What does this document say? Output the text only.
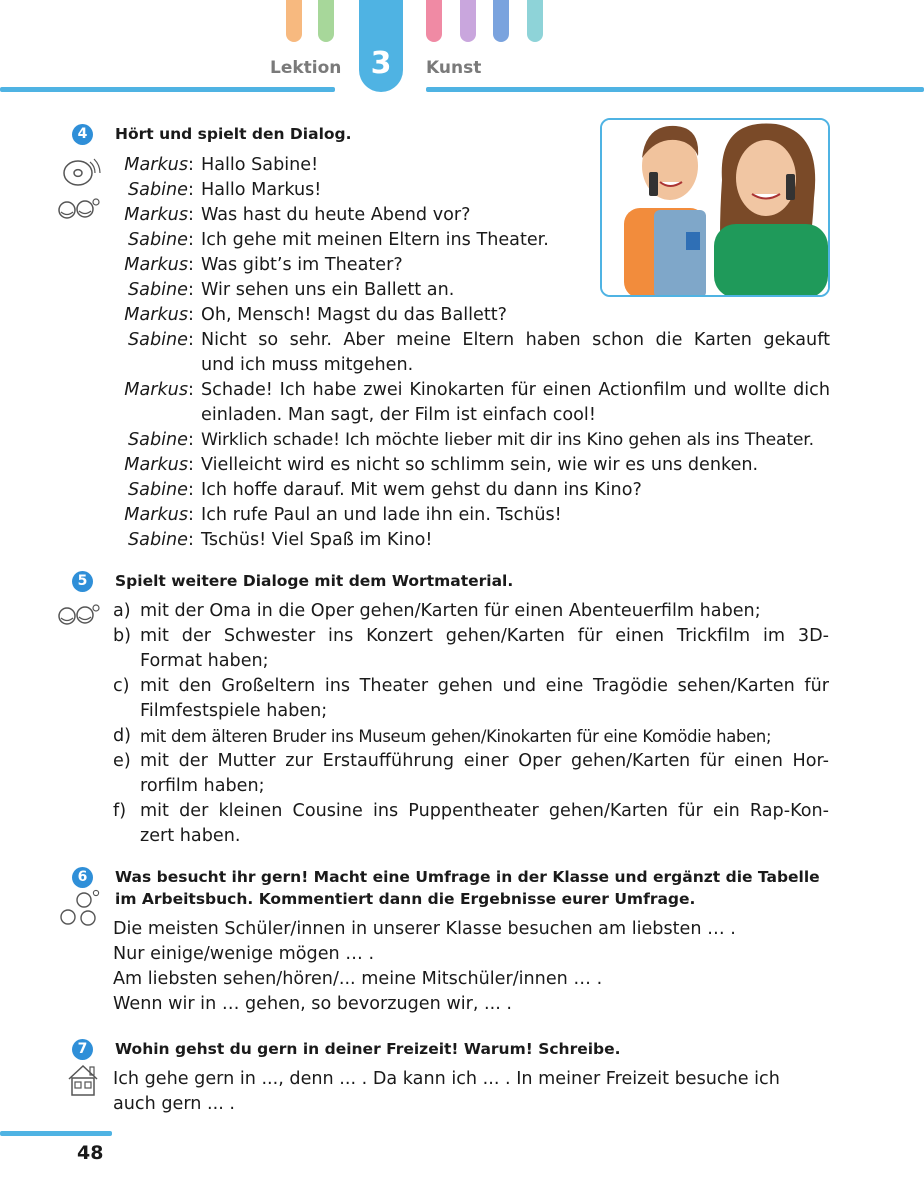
3
Lektion	Kunst
4	Hört und spielt den Dialog.
Markus : Hallo Sabine!
Sabine : Hallo Markus!
Markus : Was hast du heute Abend vor?
Sabine : Ich gehe mit meinen Eltern ins Theater.
Markus : Was gibt’s im Theater?
Sabine : Wir sehen uns ein Ballett an.
Markus : Oh, Mensch! Magst du das Ballett?
Sabine : Nicht so sehr. Aber meine Eltern haben schon die Karten gekauft
und ich muss mitgehen.
Markus : Schade! Ich habe zwei Kinokarten für einen Actionfilm und wollte dich
einladen. Man sagt, der Film ist einfach cool!
Sabine : Wirklich schade! Ich möchte lieber mit dir ins Kino gehen als ins Theater.
Markus : Vielleicht wird es nicht so schlimm sein, wie wir es uns denken.
Sabine : Ich hoffe darauf. Mit wem gehst du dann ins Kino?
Markus : Ich rufe Paul an und lade ihn ein. Tschüs!
Sabine : Tschüs! Viel Spaß im Kino!
5	Spielt weitere Dialoge mit dem Wortmaterial.
a) mit der Oma in die Oper gehen/Karten für einen Abenteuerfilm haben;
b) mit der Schwester ins Konzert gehen/Karten für einen Trickfilm im 3D-
Format haben;
c) mit den Großeltern ins Theater gehen und eine Tragödie sehen/Karten für
Filmfestspiele haben;
d) mit dem älteren Bruder ins Museum gehen/Kinokarten für eine Komödie haben;
e) mit der Mutter zur Erstaufführung einer Oper gehen/Karten für einen Hor-
rorfilm haben;
f) mit der kleinen Cousine ins Puppentheater gehen/Karten für ein Rap-Kon-
zert haben.
6	Was besucht ihr gern! Macht eine Umfrage in der Klasse und ergänzt die Tabelle
im Arbeitsbuch. Kommentiert dann die Ergebnisse eurer Umfrage.
Die meisten Schüler/innen in unserer Klasse besuchen am liebsten … .
Nur einige/wenige mögen … .
Am liebsten sehen/hören/... meine Mitschüler/innen … .
Wenn wir in … gehen, so bevorzugen wir, ... .
7	Wohin gehst du gern in deiner Freizeit! Warum! Schreibe.
Ich gehe gern in ..., denn ... . Da kann ich ... . In meiner Freizeit besuche ich
auch gern ... .
48
